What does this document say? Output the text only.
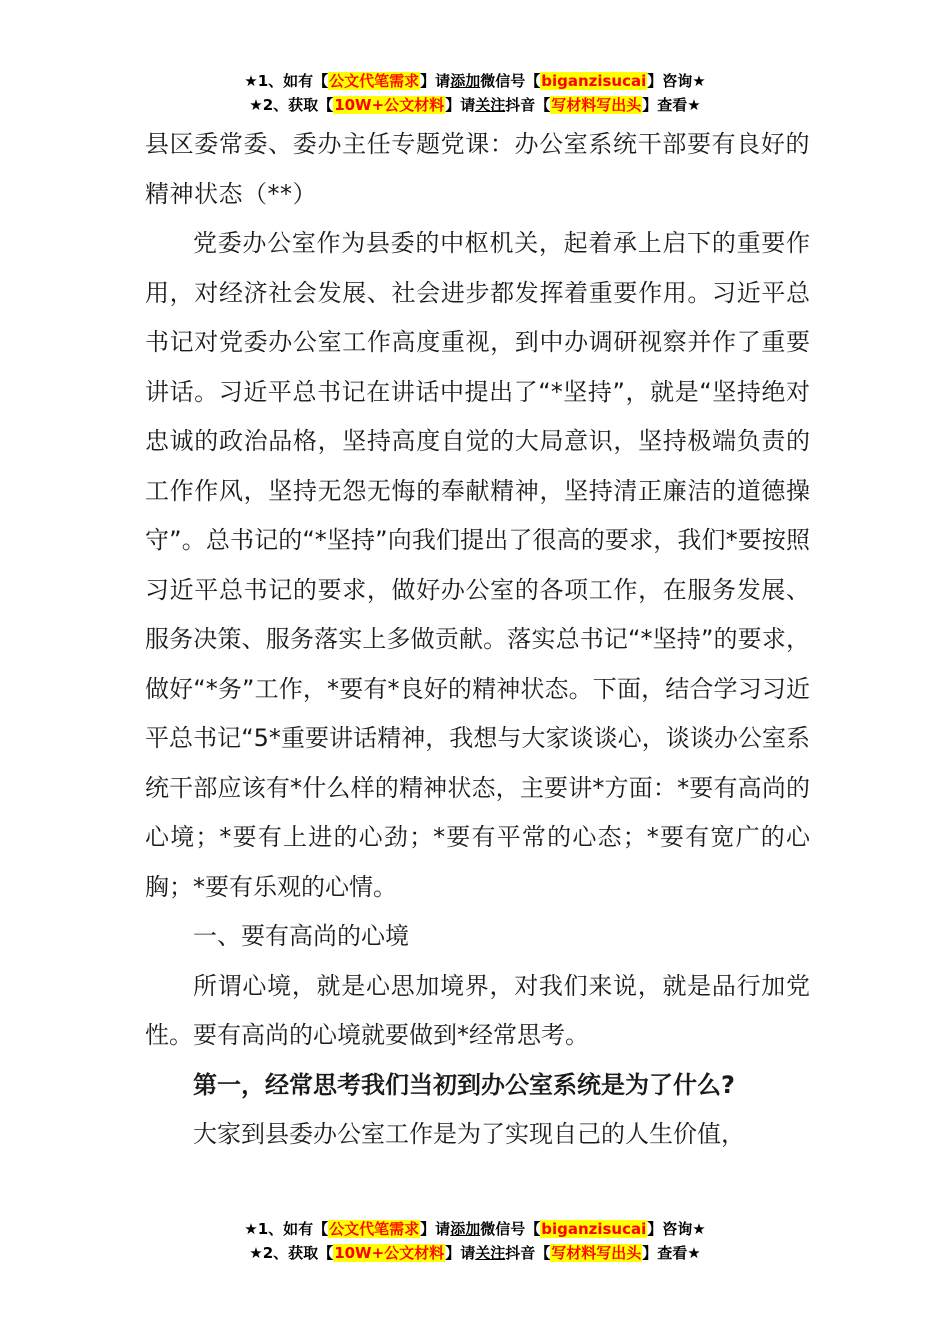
★1、如有【公文代笔需求】请添加微信号【biganzisucai】咨询★
★2、获取【10W+公文材料】请关注抖音【写材料写出头】查看★

县区委常委、委办主任专题党课：办公室系统干部要有良好的精神状态（**）

党委办公室作为县委的中枢机关，起着承上启下的重要作用，对经济社会发展、社会进步都发挥着重要作用。习近平总书记对党委办公室工作高度重视，到中办调研视察并作了重要讲话。习近平总书记在讲话中提出了“*坚持”，就是“坚持绝对忠诚的政治品格，坚持高度自觉的大局意识，坚持极端负责的工作作风，坚持无怨无悔的奉献精神，坚持清正廉洁的道德操守”。总书记的“*坚持”向我们提出了很高的要求，我们*要按照习近平总书记的要求，做好办公室的各项工作，在服务发展、服务决策、服务落实上多做贡献。落实总书记“*坚持”的要求，做好“*务”工作，*要有*良好的精神状态。下面，结合学习习近平总书记“5*重要讲话精神，我想与大家谈谈心，谈谈办公室系统干部应该有*什么样的精神状态，主要讲*方面：*要有高尚的心境；*要有上进的心劲；*要有平常的心态；*要有宽广的心胸；*要有乐观的心情。

一、要有高尚的心境

所谓心境，就是心思加境界，对我们来说，就是品行加党性。要有高尚的心境就要做到*经常思考。

第一，经常思考我们当初到办公室系统是为了什么?

大家到县委办公室工作是为了实现自己的人生价值，

★1、如有【公文代笔需求】请添加微信号【biganzisucai】咨询★
★2、获取【10W+公文材料】请关注抖音【写材料写出头】查看★
